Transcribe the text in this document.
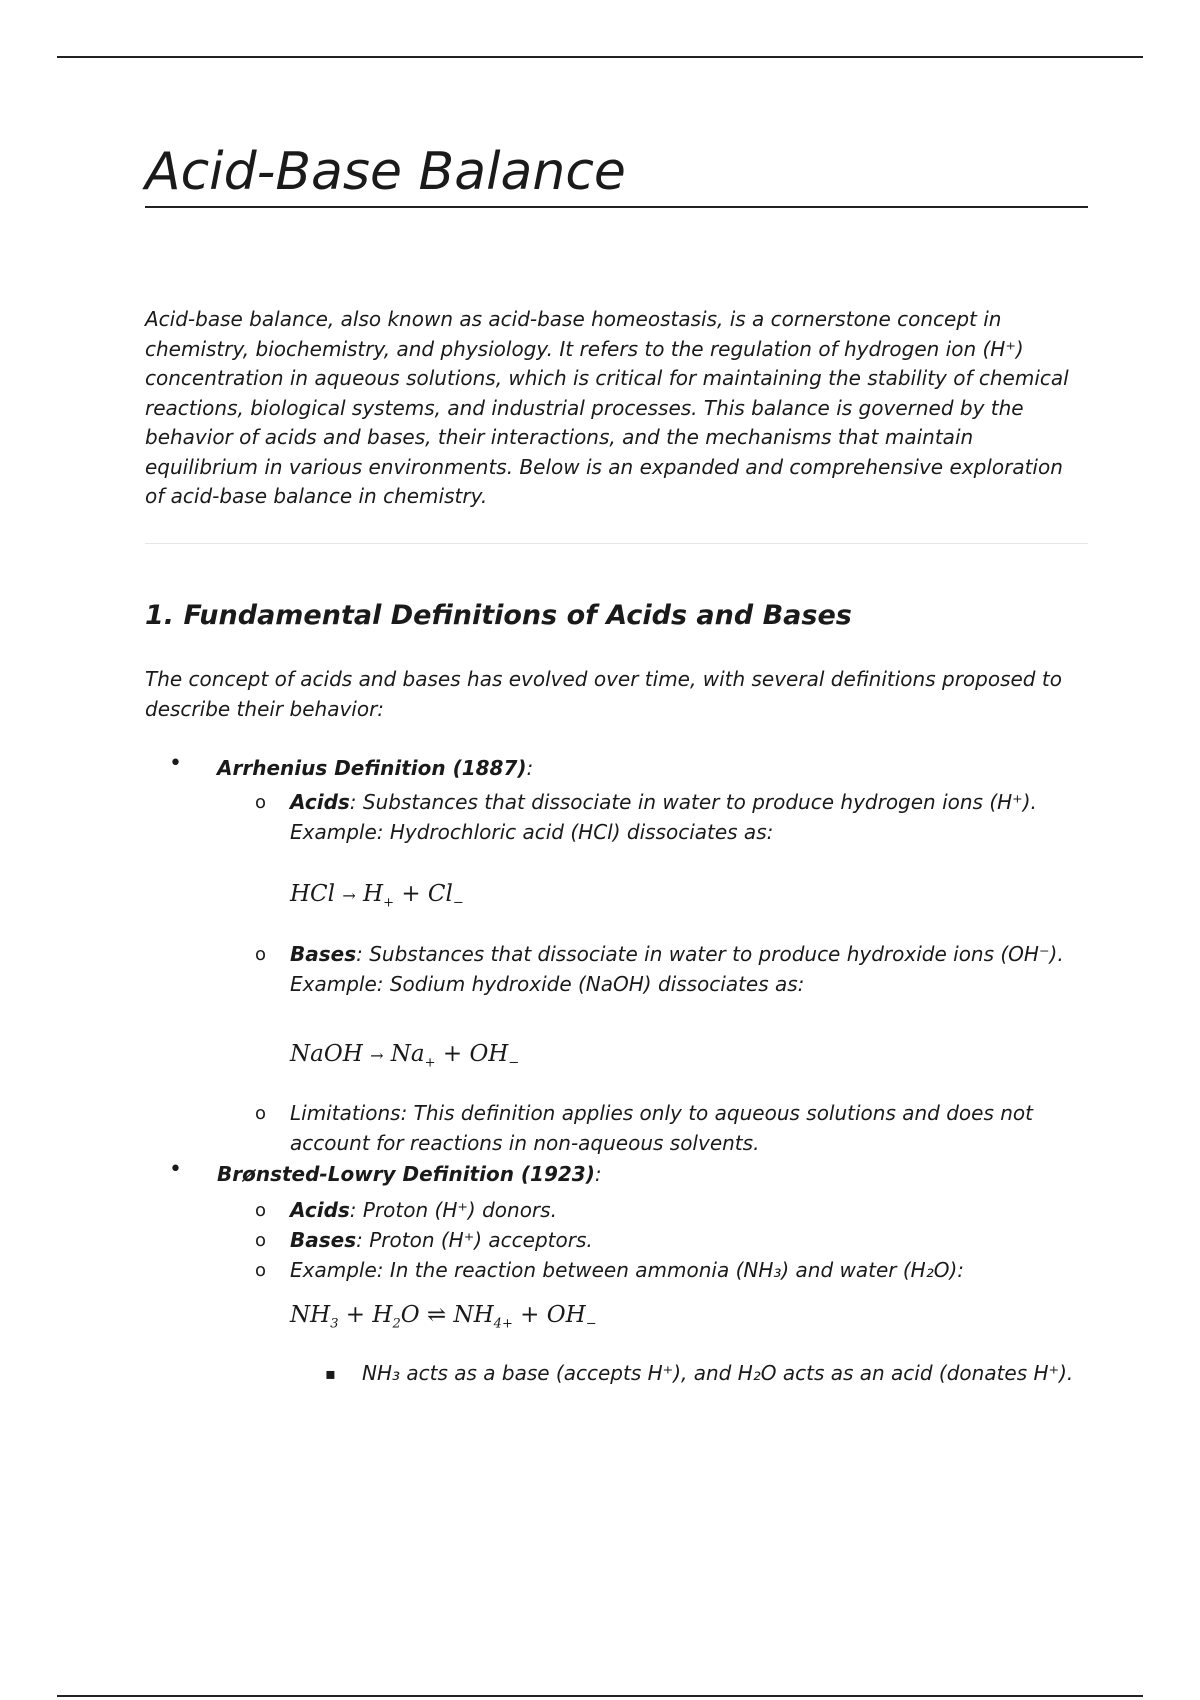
Acid-Base Balance

Acid-base balance, also known as acid-base homeostasis, is a cornerstone concept in chemistry, biochemistry, and physiology. It refers to the regulation of hydrogen ion (H⁺) concentration in aqueous solutions, which is critical for maintaining the stability of chemical reactions, biological systems, and industrial processes. This balance is governed by the behavior of acids and bases, their interactions, and the mechanisms that maintain equilibrium in various environments. Below is an expanded and comprehensive exploration of acid-base balance in chemistry.

1. Fundamental Definitions of Acids and Bases

The concept of acids and bases has evolved over time, with several definitions proposed to describe their behavior:

• Arrhenius Definition (1887):
o Acids: Substances that dissociate in water to produce hydrogen ions (H⁺).
Example: Hydrochloric acid (HCl) dissociates as:
HCl → $H_+ + Cl_-$
o Bases: Substances that dissociate in water to produce hydroxide ions (OH⁻).
Example: Sodium hydroxide (NaOH) dissociates as:
NaOH → $Na_+ + OH_-$
o Limitations: This definition applies only to aqueous solutions and does not account for reactions in non-aqueous solvents.
• Brønsted-Lowry Definition (1923):
o Acids: Proton (H⁺) donors.
o Bases: Proton (H⁺) acceptors.
o Example: In the reaction between ammonia (NH₃) and water (H₂O):
$NH_3 + H_2O$ ⇌ $NH_{4+} + OH_-$
▪ NH₃ acts as a base (accepts H⁺), and H₂O acts as an acid (donates H⁺).
